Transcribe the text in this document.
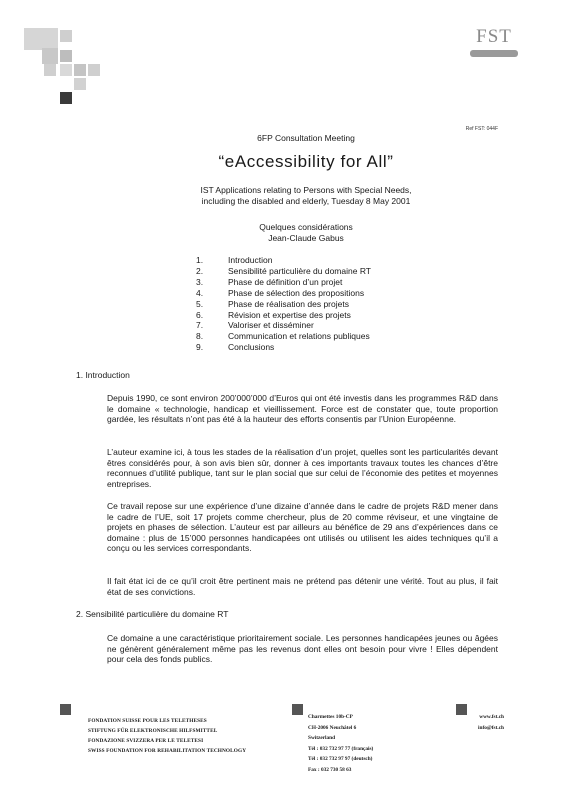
FST
Ref FST: 044F
6FP Consultation Meeting
“eAccessibility for All”
IST Applications relating to Persons with Special Needs,
including the disabled and elderly, Tuesday 8 May 2001
Quelques considérations
Jean-Claude Gabus
1.	Introduction
2.	Sensibilité particulière du domaine RT
3.	Phase de définition d’un projet
4.	Phase de sélection des propositions
5.	Phase de réalisation des projets
6.	Révision et expertise des projets
7.	Valoriser et disséminer
8.	Communication et relations publiques
9.	Conclusions
1. Introduction
Depuis 1990, ce sont environ 200’000’000 d’Euros qui ont été investis dans les programmes R&D dans le domaine « technologie, handicap et vieillissement. Force est de constater que, toute proportion gardée, les résultats n’ont pas été à la hauteur des efforts consentis par l’Union Européenne.
L’auteur examine ici, à tous les stades de la réalisation d’un projet, quelles sont les particularités devant êtres considérés pour, à son avis bien sûr, donner à ces importants travaux toutes les chances d’être reconnues d’utilité publique, tant sur le plan social que sur celui de l’économie des petites et moyennes entreprises.
Ce travail repose sur une expérience d’une dizaine d’année dans le cadre de projets R&D mener dans le cadre de l’UE, soit 17 projets comme chercheur, plus de 20 comme réviseur, et une vingtaine de projets en phases de sélection. L’auteur est par ailleurs au bénéfice de 29 ans d’expériences dans ce domaine : plus de 15’000 personnes handicapées ont utilisés ou utilisent les aides techniques qu’il a conçu ou les services correspondants.
Il fait état ici de ce qu’il croit être pertinent mais ne prétend pas détenir une vérité. Tout au plus, il fait état de ses convictions.
2. Sensibilité particulière du domaine RT
Ce domaine a une caractéristique prioritairement sociale. Les personnes handicapées jeunes ou âgées ne génèrent généralement même pas les revenus dont elles ont besoin pour vivre ! Elles dépendent pour cela des fonds publics.
FONDATION SUISSE POUR LES TELETHESES
STIFTUNG FÜR ELEKTRONISCHE HILFSMITTEL
FONDAZIONE SVIZZERA PER LE TELETESI
SWISS FOUNDATION FOR REHABILITATION TECHNOLOGY
Charmettes 10b-CP
CH-2006 Neuchâtel 6
Switzerland
Tél : 032 732 97 77 (français)
Tél : 032 732 97 97 (deutsch)
Fax : 032 730 58 63
www.fst.ch
info@fst.ch
